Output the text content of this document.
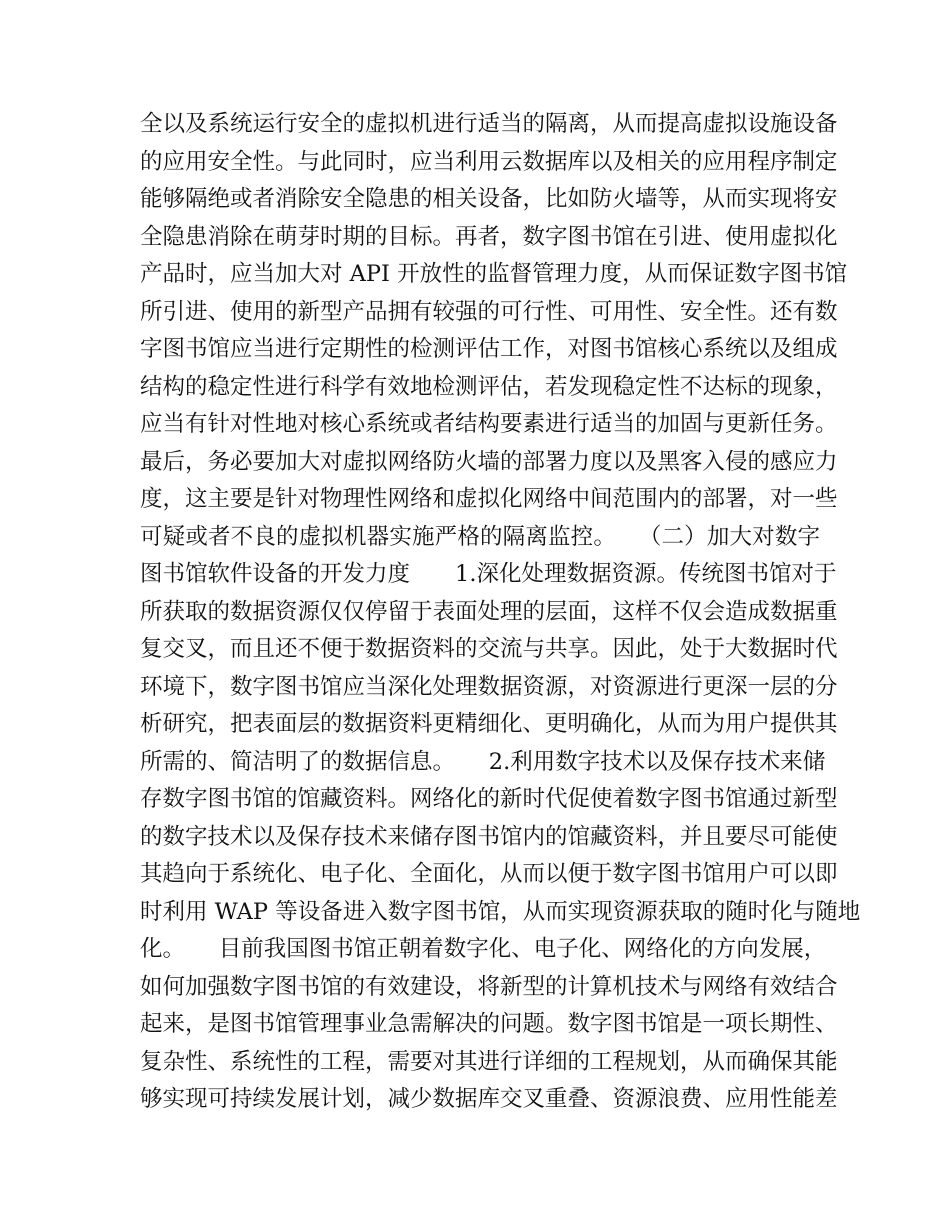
全以及系统运行安全的虚拟机进行适当的隔离，从而提高虚拟设施设备
的应用安全性。与此同时，应当利用云数据库以及相关的应用程序制定
能够隔绝或者消除安全隐患的相关设备，比如防火墙等，从而实现将安
全隐患消除在萌芽时期的目标。再者，数字图书馆在引进、使用虚拟化
产品时，应当加大对 API 开放性的监督管理力度，从而保证数字图书馆
所引进、使用的新型产品拥有较强的可行性、可用性、安全性。还有数
字图书馆应当进行定期性的检测评估工作，对图书馆核心系统以及组成
结构的稳定性进行科学有效地检测评估，若发现稳定性不达标的现象，
应当有针对性地对核心系统或者结构要素进行适当的加固与更新任务。
最后，务必要加大对虚拟网络防火墙的部署力度以及黑客入侵的感应力
度，这主要是针对物理性网络和虚拟化网络中间范围内的部署，对一些
可疑或者不良的虚拟机器实施严格的隔离监控。　　（二）加大对数字
图书馆软件设备的开发力度　　1.深化处理数据资源。传统图书馆对于
所获取的数据资源仅仅停留于表面处理的层面，这样不仅会造成数据重
复交叉，而且还不便于数据资料的交流与共享。因此，处于大数据时代
环境下，数字图书馆应当深化处理数据资源，对资源进行更深一层的分
析研究，把表面层的数据资料更精细化、更明确化，从而为用户提供其
所需的、简洁明了的数据信息。　　2.利用数字技术以及保存技术来储
存数字图书馆的馆藏资料。网络化的新时代促使着数字图书馆通过新型
的数字技术以及保存技术来储存图书馆内的馆藏资料，并且要尽可能使
其趋向于系统化、电子化、全面化，从而以便于数字图书馆用户可以即
时利用 WAP 等设备进入数字图书馆，从而实现资源获取的随时化与随地
化。　　目前我国图书馆正朝着数字化、电子化、网络化的方向发展，
如何加强数字图书馆的有效建设，将新型的计算机技术与网络有效结合
起来，是图书馆管理事业急需解决的问题。数字图书馆是一项长期性、
复杂性、系统性的工程，需要对其进行详细的工程规划，从而确保其能
够实现可持续发展计划，减少数据库交叉重叠、资源浪费、应用性能差
